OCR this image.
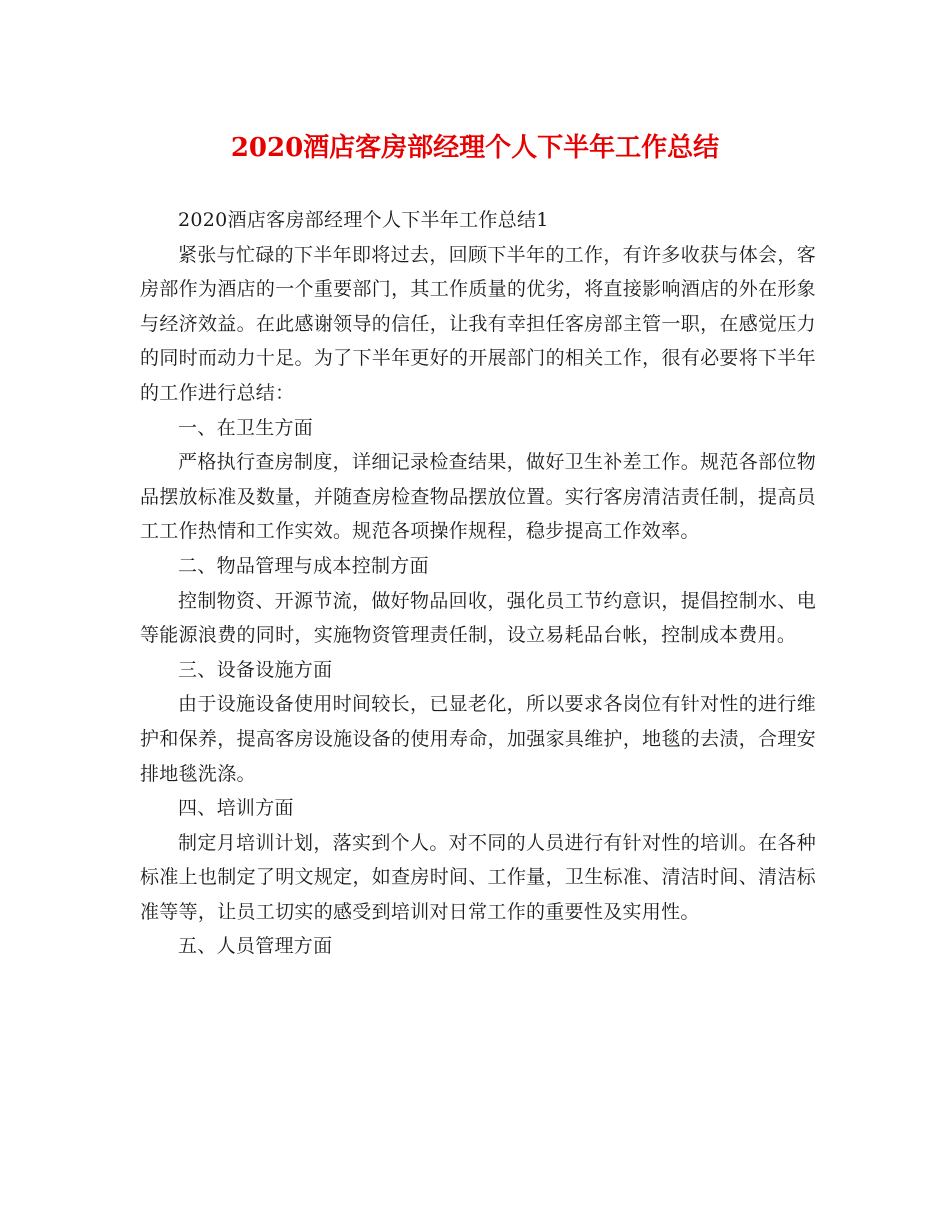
2020酒店客房部经理个人下半年工作总结

2020酒店客房部经理个人下半年工作总结1

紧张与忙碌的下半年即将过去，回顾下半年的工作，有许多收获与体会，客房部作为酒店的一个重要部门，其工作质量的优劣，将直接影响酒店的外在形象与经济效益。在此感谢领导的信任，让我有幸担任客房部主管一职，在感觉压力的同时而动力十足。为了下半年更好的开展部门的相关工作，很有必要将下半年的工作进行总结：

一、在卫生方面

严格执行查房制度，详细记录检查结果，做好卫生补差工作。规范各部位物品摆放标准及数量，并随查房检查物品摆放位置。实行客房清洁责任制，提高员工工作热情和工作实效。规范各项操作规程，稳步提高工作效率。

二、物品管理与成本控制方面

控制物资、开源节流，做好物品回收，强化员工节约意识，提倡控制水、电等能源浪费的同时，实施物资管理责任制，设立易耗品台帐，控制成本费用。

三、设备设施方面

由于设施设备使用时间较长，已显老化，所以要求各岗位有针对性的进行维护和保养，提高客房设施设备的使用寿命，加强家具维护，地毯的去渍，合理安排地毯洗涤。

四、培训方面

制定月培训计划，落实到个人。对不同的人员进行有针对性的培训。在各种标准上也制定了明文规定，如查房时间、工作量，卫生标准、清洁时间、清洁标准等等，让员工切实的感受到培训对日常工作的重要性及实用性。

五、人员管理方面
